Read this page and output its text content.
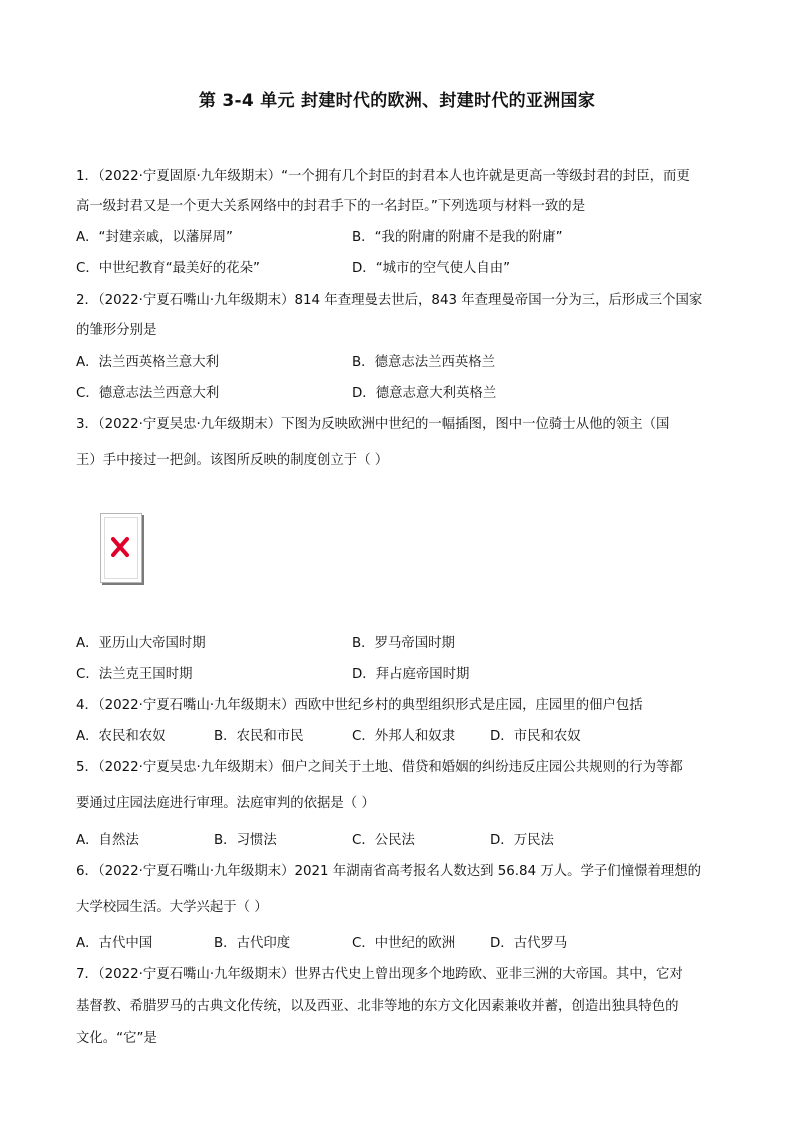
第 3-4 单元 封建时代的欧洲、封建时代的亚洲国家
1．（2022·宁夏固原·九年级期末）“一个拥有几个封臣的封君本人也许就是更高一等级封君的封臣，而更
高一级封君又是一个更大关系网络中的封君手下的一名封臣。”下列选项与材料一致的是
A．“封建亲戚，以藩屏周”	B．“我的附庸的附庸不是我的附庸”
C．中世纪教育“最美好的花朵”	D．“城市的空气使人自由”
2．（2022·宁夏石嘴山·九年级期末）814 年查理曼去世后，843 年查理曼帝国一分为三，后形成三个国家
的雏形分别是
A．法兰西英格兰意大利	B．德意志法兰西英格兰
C．德意志法兰西意大利	D．德意志意大利英格兰
3．（2022·宁夏吴忠·九年级期末）下图为反映欧洲中世纪的一幅插图，图中一位骑士从他的领主（国
王）手中接过一把剑。该图所反映的制度创立于（ ）
A．亚历山大帝国时期	B．罗马帝国时期
C．法兰克王国时期	D．拜占庭帝国时期
4．（2022·宁夏石嘴山·九年级期末）西欧中世纪乡村的典型组织形式是庄园，庄园里的佃户包括
A．农民和农奴	B．农民和市民	C．外邦人和奴隶	D．市民和农奴
5．（2022·宁夏吴忠·九年级期末）佃户之间关于土地、借贷和婚姻的纠纷违反庄园公共规则的行为等都
要通过庄园法庭进行审理。法庭审判的依据是（ ）
A．自然法	B．习惯法	C．公民法	D．万民法
6．（2022·宁夏石嘴山·九年级期末）2021 年湖南省高考报名人数达到 56.84 万人。学子们憧憬着理想的
大学校园生活。大学兴起于（ ）
A．古代中国	B．古代印度	C．中世纪的欧洲	D．古代罗马
7．（2022·宁夏石嘴山·九年级期末）世界古代史上曾出现多个地跨欧、亚非三洲的大帝国。其中，它对
基督教、希腊罗马的古典文化传统，以及西亚、北非等地的东方文化因素兼收并蓄，创造出独具特色的
文化。“它”是
